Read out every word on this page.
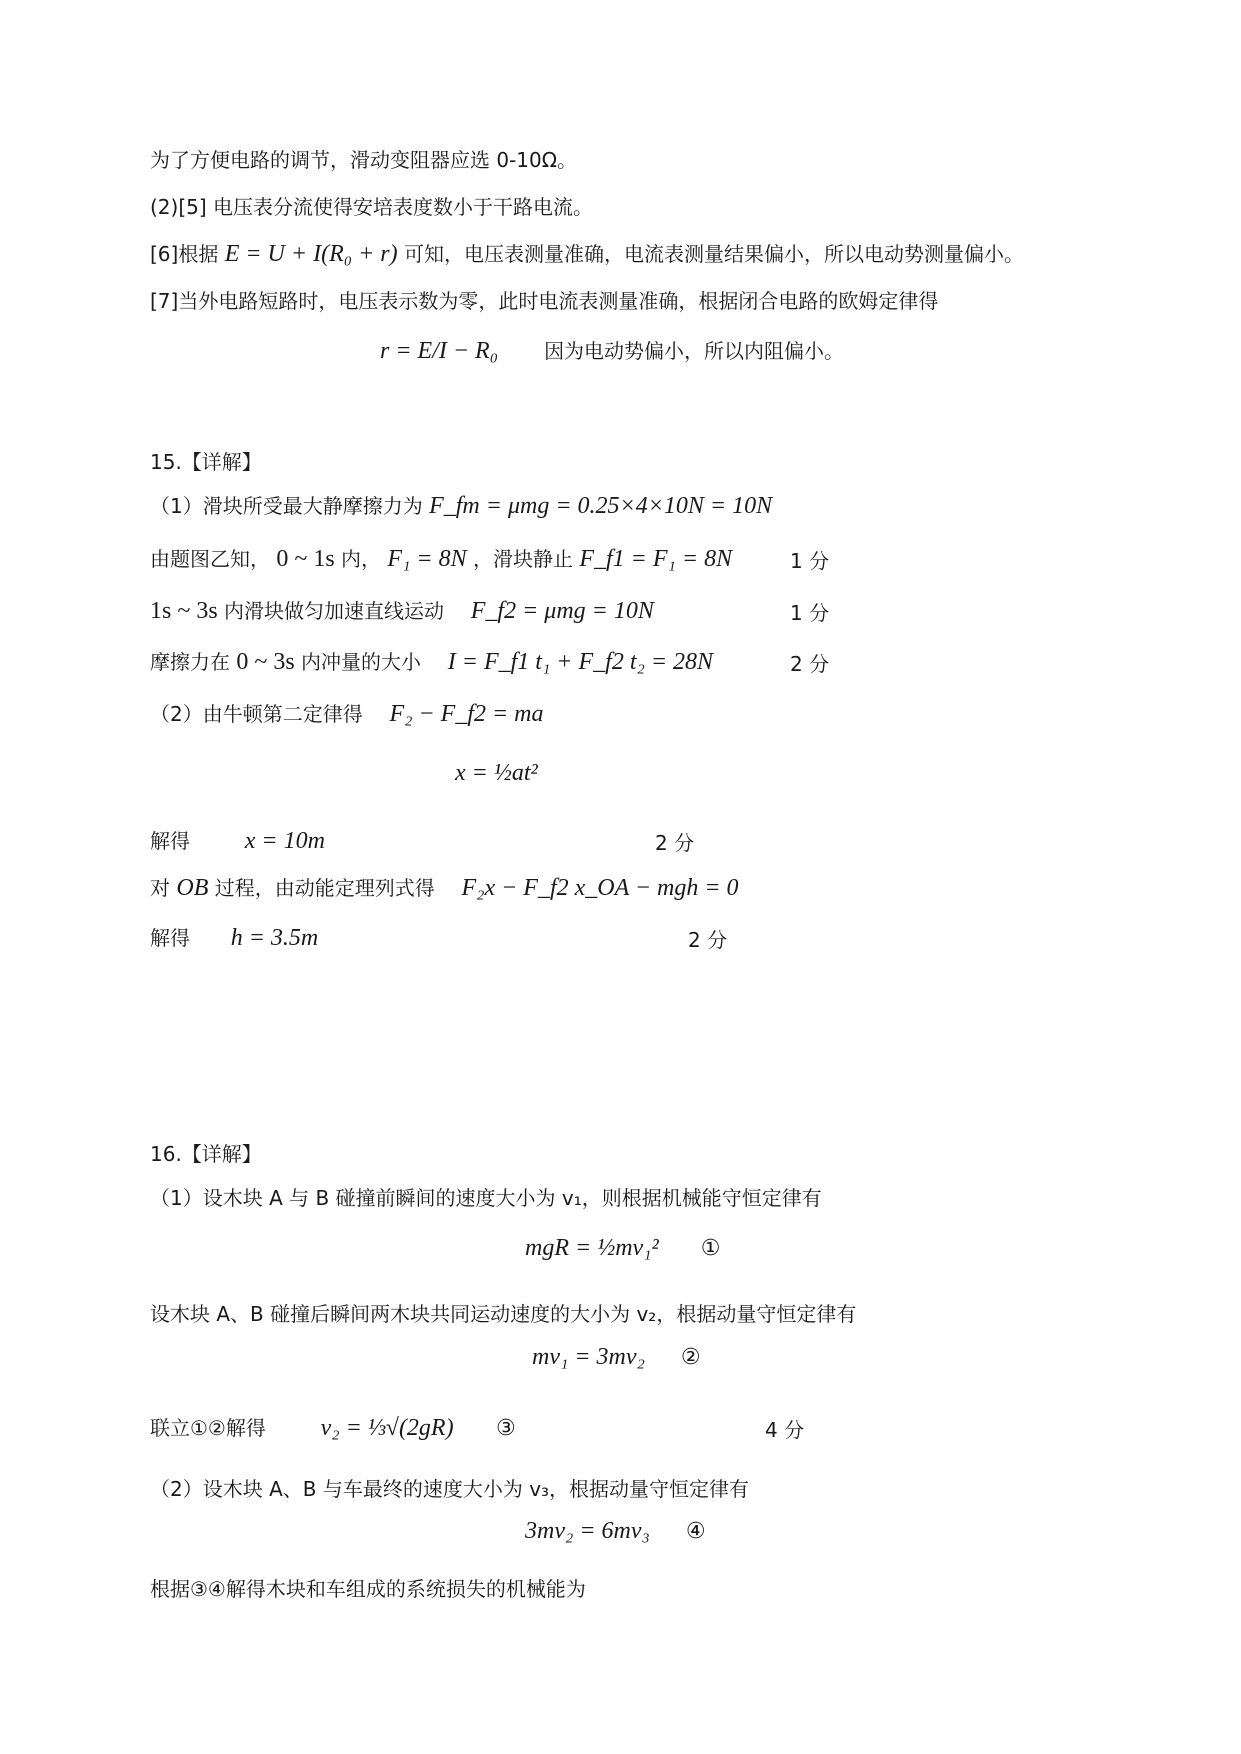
为了方便电路的调节，滑动变阻器应选 0-10Ω。
(2)[5] 电压表分流使得安培表度数小于干路电流。
[6]根据 E = U + I(R₀ + r) 可知，电压表测量准确，电流表测量结果偏小，所以电动势测量偏小。
[7]当外电路短路时，电压表示数为零，此时电流表测量准确，根据闭合电路的欧姆定律得
r = E/I − R₀ 因为电动势偏小，所以内阻偏小。
15.【详解】
（1）滑块所受最大静摩擦力为 F_fm = μmg = 0.25×4×10N = 10N
由题图乙知， 0 ~ 1s 内， F₁ = 8N ，滑块静止 F_f1 = F₁ = 8N	1 分
1s ~ 3s 内滑块做匀加速直线运动 F_f2 = μmg = 10N	1 分
摩擦力在 0 ~ 3s 内冲量的大小 I = F_f1 t₁ + F_f2 t₂ = 28N	2 分
（2）由牛顿第二定律得 F₂ − F_f2 = ma
x = ½at²
解得 x = 10m	2 分
对 OB 过程，由动能定理列式得 F₂x − F_f2 x_OA − mgh = 0
解得 h = 3.5m	2 分
16.【详解】
（1）设木块 A 与 B 碰撞前瞬间的速度大小为 v₁，则根据机械能守恒定律有
mgR = ½mv₁² ①
设木块 A、B 碰撞后瞬间两木块共同运动速度的大小为 v₂，根据动量守恒定律有
mv₁ = 3mv₂ ②
联立①②解得 v₂ = ⅓√(2gR) ③	4 分
（2）设木块 A、B 与车最终的速度大小为 v₃，根据动量守恒定律有
3mv₂ = 6mv₃ ④
根据③④解得木块和车组成的系统损失的机械能为
